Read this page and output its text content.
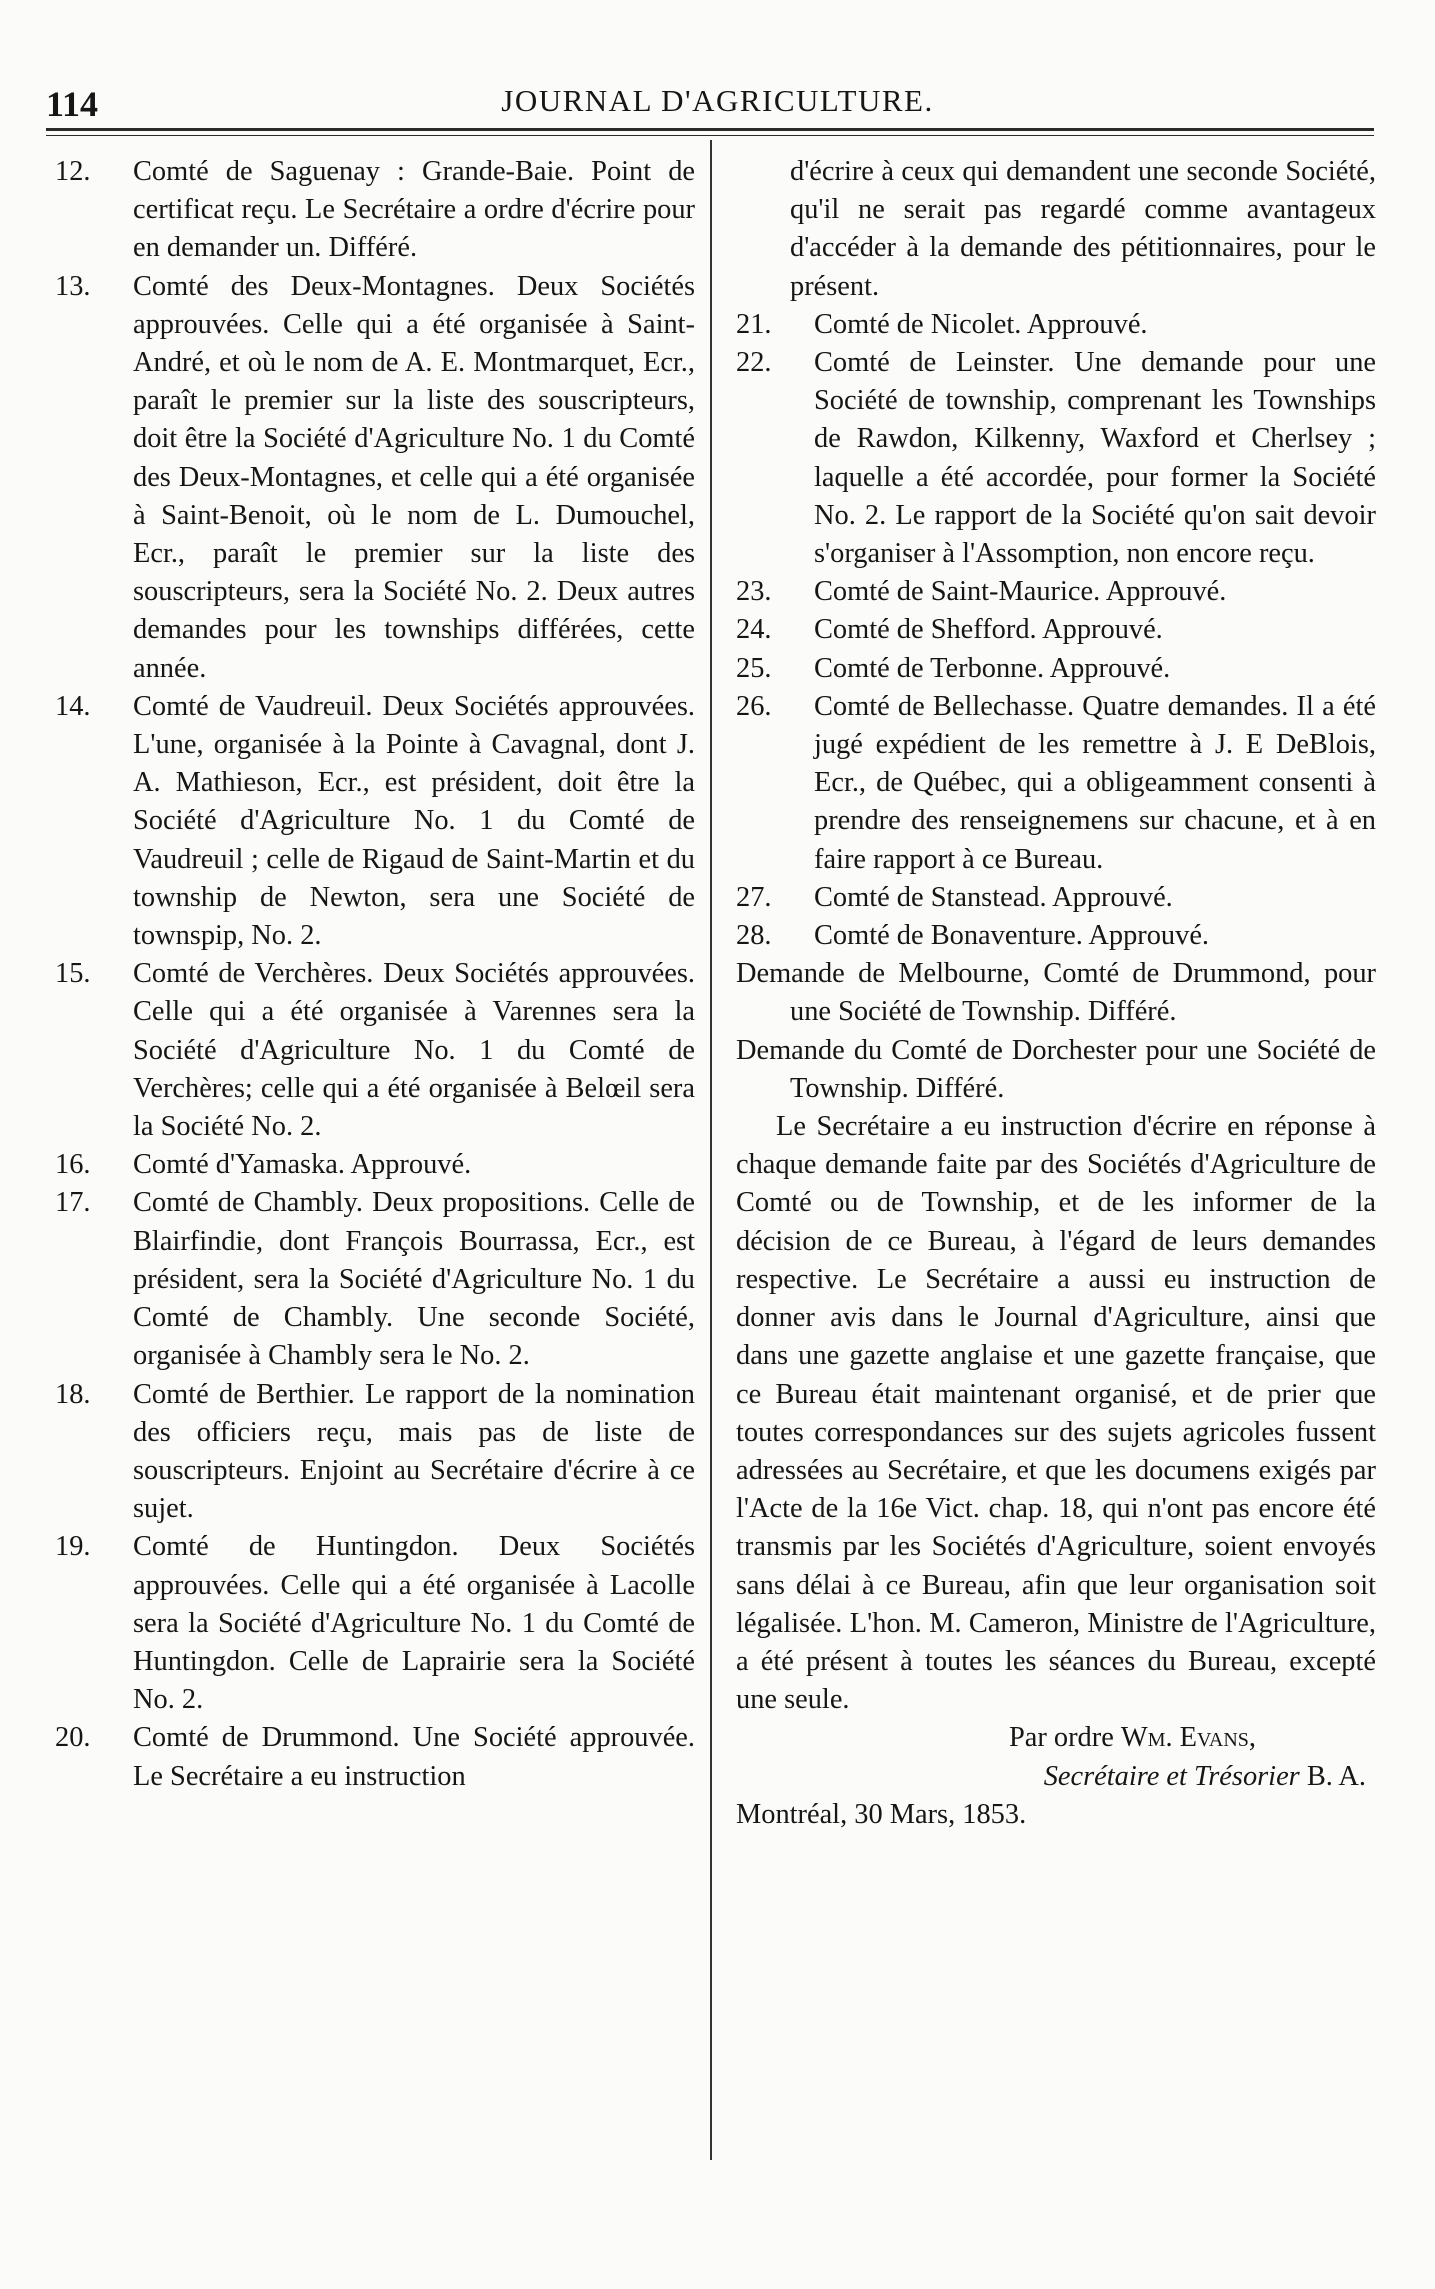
114	JOURNAL D'AGRICULTURE.

12.	Comté de Saguenay : Grande-Baie. Point de certificat reçu. Le Secrétaire a ordre d'écrire pour en demander un. Différé.

13.	Comté des Deux-Montagnes. Deux Sociétés approuvées. Celle qui a été organisée à Saint-André, et où le nom de A. E. Montmarquet, Ecr., paraît le premier sur la liste des souscripteurs, doit être la Société d'Agriculture No. 1 du Comté des Deux-Montagnes, et celle qui a été organisée à Saint-Benoit, où le nom de L. Dumouchel, Ecr., paraît le premier sur la liste des souscripteurs, sera la Société No. 2. Deux autres demandes pour les townships différées, cette année.

14.	Comté de Vaudreuil. Deux Sociétés approuvées. L'une, organisée à la Pointe à Cavagnal, dont J. A. Mathieson, Ecr., est président, doit être la Société d'Agriculture No. 1 du Comté de Vaudreuil ; celle de Rigaud de Saint-Martin et du township de Newton, sera une Société de townspip, No. 2.

15.	Comté de Verchères. Deux Sociétés approuvées. Celle qui a été organisée à Varennes sera la Société d'Agriculture No. 1 du Comté de Verchères; celle qui a été organisée à Belœil sera la Société No. 2.

16.	Comté d'Yamaska. Approuvé.

17.	Comté de Chambly. Deux propositions. Celle de Blairfindie, dont François Bourrassa, Ecr., est président, sera la Société d'Agriculture No. 1 du Comté de Chambly. Une seconde Société, organisée à Chambly sera le No. 2.

18.	Comté de Berthier. Le rapport de la nomination des officiers reçu, mais pas de liste de souscripteurs. Enjoint au Secrétaire d'écrire à ce sujet.

19.	Comté de Huntingdon. Deux Sociétés approuvées. Celle qui a été organisée à Lacolle sera la Société d'Agriculture No. 1 du Comté de Huntingdon. Celle de Laprairie sera la Société No. 2.

20.	Comté de Drummond. Une Société approuvée. Le Secrétaire a eu instruction

d'écrire à ceux qui demandent une seconde Société, qu'il ne serait pas regardé comme avantageux d'accéder à la demande des pétitionnaires, pour le présent.

21.	Comté de Nicolet. Approuvé.

22.	Comté de Leinster. Une demande pour une Société de township, comprenant les Townships de Rawdon, Kilkenny, Waxford et Cherlsey ; laquelle a été accordée, pour former la Société No. 2. Le rapport de la Société qu'on sait devoir s'organiser à l'Assomption, non encore reçu.

23.	Comté de Saint-Maurice. Approuvé.

24.	Comté de Shefford. Approuvé.

25.	Comté de Terbonne. Approuvé.

26.	Comté de Bellechasse. Quatre demandes. Il a été jugé expédient de les remettre à J. E DeBlois, Ecr., de Québec, qui a obligeamment consenti à prendre des renseignemens sur chacune, et à en faire rapport à ce Bureau.

27.	Comté de Stanstead. Approuvé.

28.	Comté de Bonaventure. Approuvé.

Demande de Melbourne, Comté de Drummond, pour une Société de Township. Différé.

Demande du Comté de Dorchester pour une Société de Township. Différé.

Le Secrétaire a eu instruction d'écrire en réponse à chaque demande faite par des Sociétés d'Agriculture de Comté ou de Township, et de les informer de la décision de ce Bureau, à l'égard de leurs demandes respective. Le Secrétaire a aussi eu instruction de donner avis dans le Journal d'Agriculture, ainsi que dans une gazette anglaise et une gazette française, que ce Bureau était maintenant organisé, et de prier que toutes correspondances sur des sujets agricoles fussent adressées au Secrétaire, et que les documens exigés par l'Acte de la 16e Vict. chap. 18, qui n'ont pas encore été transmis par les Sociétés d'Agriculture, soient envoyés sans délai à ce Bureau, afin que leur organisation soit légalisée. L'hon. M. Cameron, Ministre de l'Agriculture, a été présent à toutes les séances du Bureau, excepté une seule.

Par ordre Wm. Evans,

Secrétaire et Trésorier B. A.

Montréal, 30 Mars, 1853.
